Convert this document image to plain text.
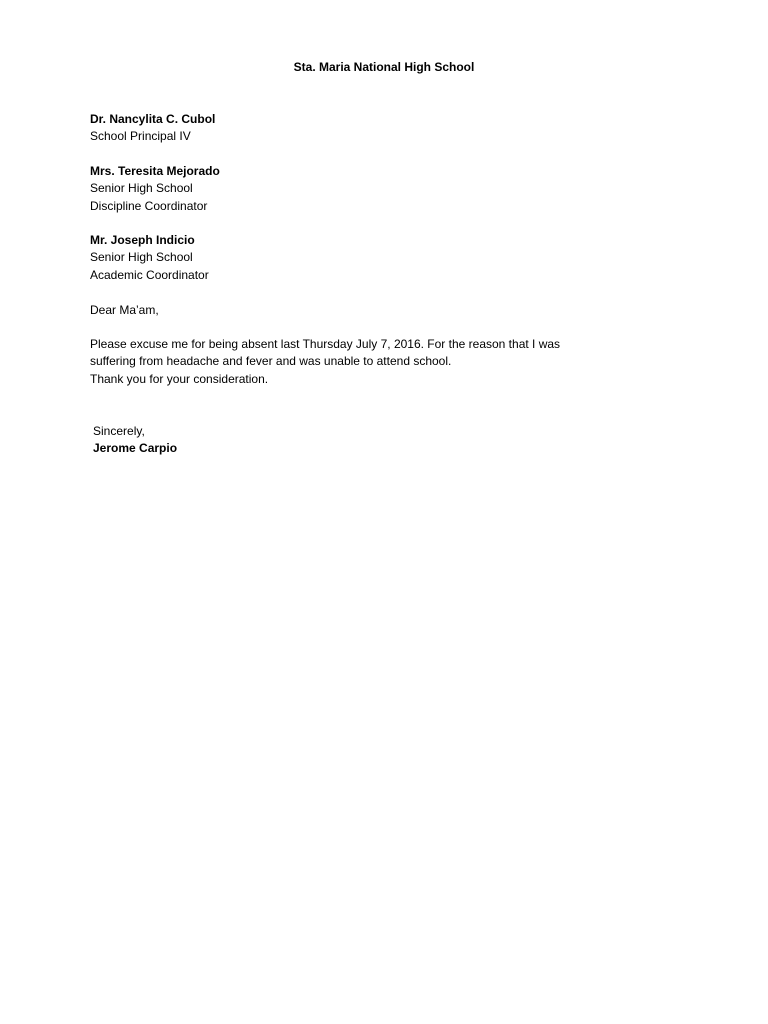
Sta. Maria National High School
Dr. Nancylita C. Cubol
School Principal IV
Mrs. Teresita Mejorado
Senior High School
Discipline Coordinator
Mr. Joseph Indicio
Senior High School
Academic Coordinator
Dear Ma’am,
Please excuse me for being absent last Thursday July 7, 2016. For the reason that I was
suffering from headache and fever and was unable to attend school.
Thank you for your consideration.
Sincerely,
Jerome Carpio
